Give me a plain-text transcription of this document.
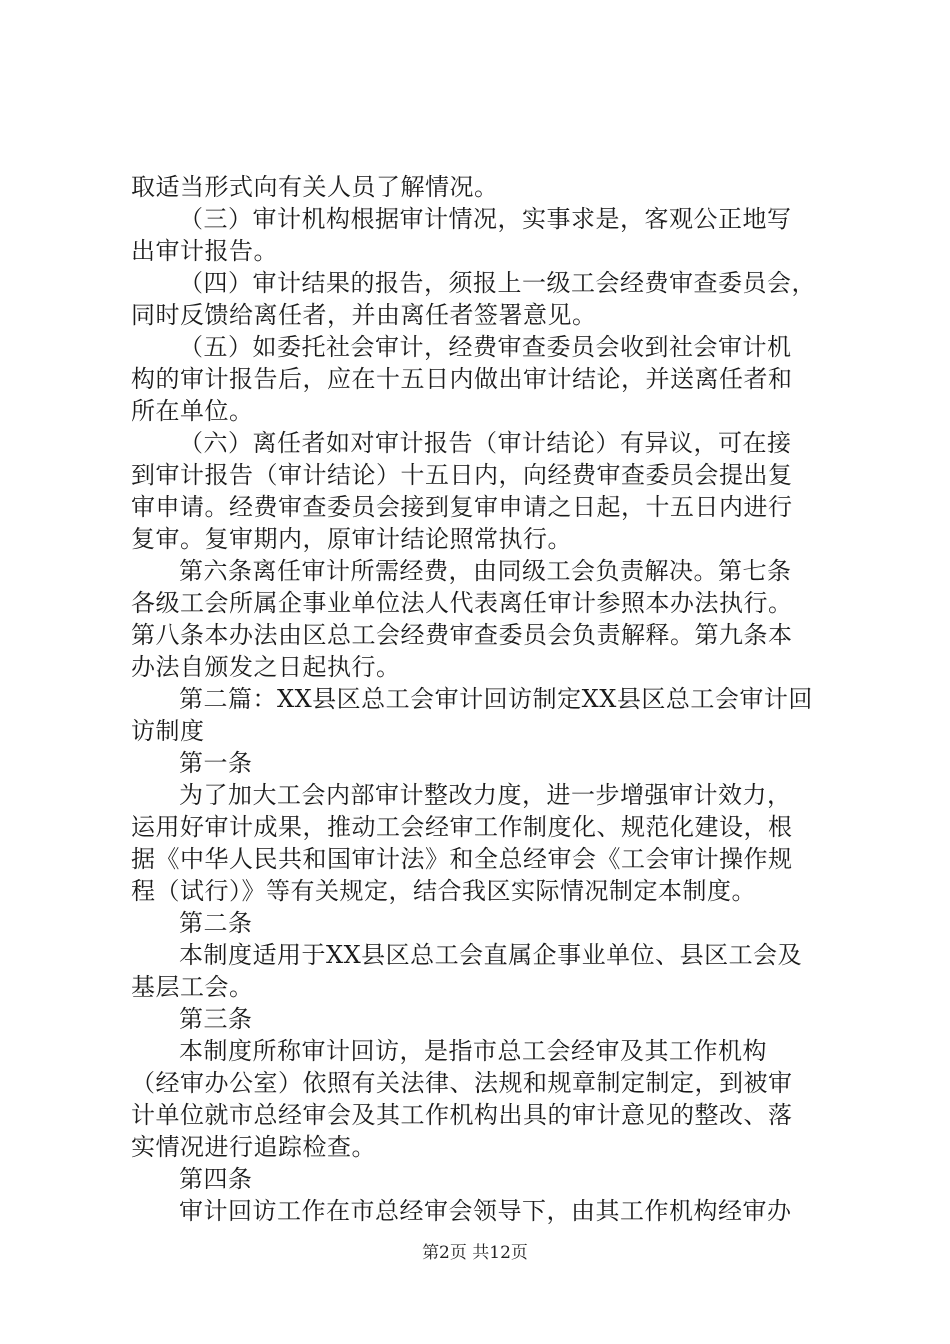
取适当形式向有关人员了解情况。
（三）审计机构根据审计情况，实事求是，客观公正地写
出审计报告。
（四）审计结果的报告，须报上一级工会经费审查委员会，
同时反馈给离任者，并由离任者签署意见。
（五）如委托社会审计，经费审查委员会收到社会审计机
构的审计报告后，应在十五日内做出审计结论，并送离任者和
所在单位。
（六）离任者如对审计报告（审计结论）有异议，可在接
到审计报告（审计结论）十五日内，向经费审查委员会提出复
审申请。经费审查委员会接到复审申请之日起，十五日内进行
复审。复审期内，原审计结论照常执行。
第六条离任审计所需经费，由同级工会负责解决。第七条
各级工会所属企事业单位法人代表离任审计参照本办法执行。
第八条本办法由区总工会经费审查委员会负责解释。第九条本
办法自颁发之日起执行。
第二篇：XX县区总工会审计回访制定XX县区总工会审计回
访制度
第一条
为了加大工会内部审计整改力度，进一步增强审计效力，
运用好审计成果，推动工会经审工作制度化、规范化建设，根
据《中华人民共和国审计法》和全总经审会《工会审计操作规
程（试行）》等有关规定，结合我区实际情况制定本制度。
第二条
本制度适用于XX县区总工会直属企事业单位、县区工会及
基层工会。
第三条
本制度所称审计回访，是指市总工会经审及其工作机构
（经审办公室）依照有关法律、法规和规章制定制定，到被审
计单位就市总经审会及其工作机构出具的审计意见的整改、落
实情况进行追踪检查。
第四条
审计回访工作在市总经审会领导下，由其工作机构经审办
第2页 共12页
